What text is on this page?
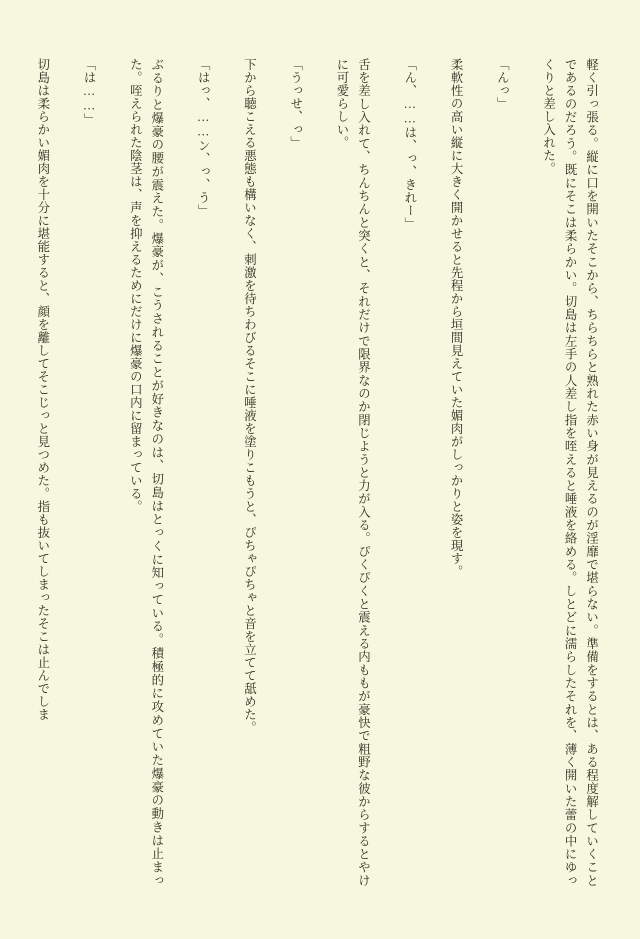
軽く引っ張る。縦に口を開いたそこから、ちらちらと熟れた赤い身が見えるのが淫靡で堪らない。準備をするとは、ある程度解していくことであるのだろう。既にそこは柔らかい。切島は左手の人差し指を咥えると唾液を絡める。しとどに濡らしたそれを、薄く開いた蕾の中にゆっくりと差し入れた。

「んっ」

柔軟性の高い縦に大きく開かせると先程から垣間見えていた媚肉がしっかりと姿を現す。

「ん、……は、っ、きれー」

舌を差し入れて、ちんちんと突くと、それだけで限界なのか閉じようと力が入る。ぴくぴくと震える内ももが豪快で粗野な彼からするとやけに可愛らしい。

「うっせ、っ」

下から聴こえる悪態も構いなく、刺激を待ちわびるそこに唾液を塗りこもうと、ぴちゃぴちゃと音を立てて舐めた。

「はっ、……ン、っ、う」

ぶるりと爆豪の腰が震えた。爆豪が、こうされることが好きなのは、切島はとっくに知っている。積極的に攻めていた爆豪の動きは止まった。咥えられた陰茎は、声を抑えるためにだけに爆豪の口内に留まっている。

「は……」

切島は柔らかい媚肉を十分に堪能すると、顔を離してそこじっと見つめた。指も抜いてしまったそこは止んでしま
